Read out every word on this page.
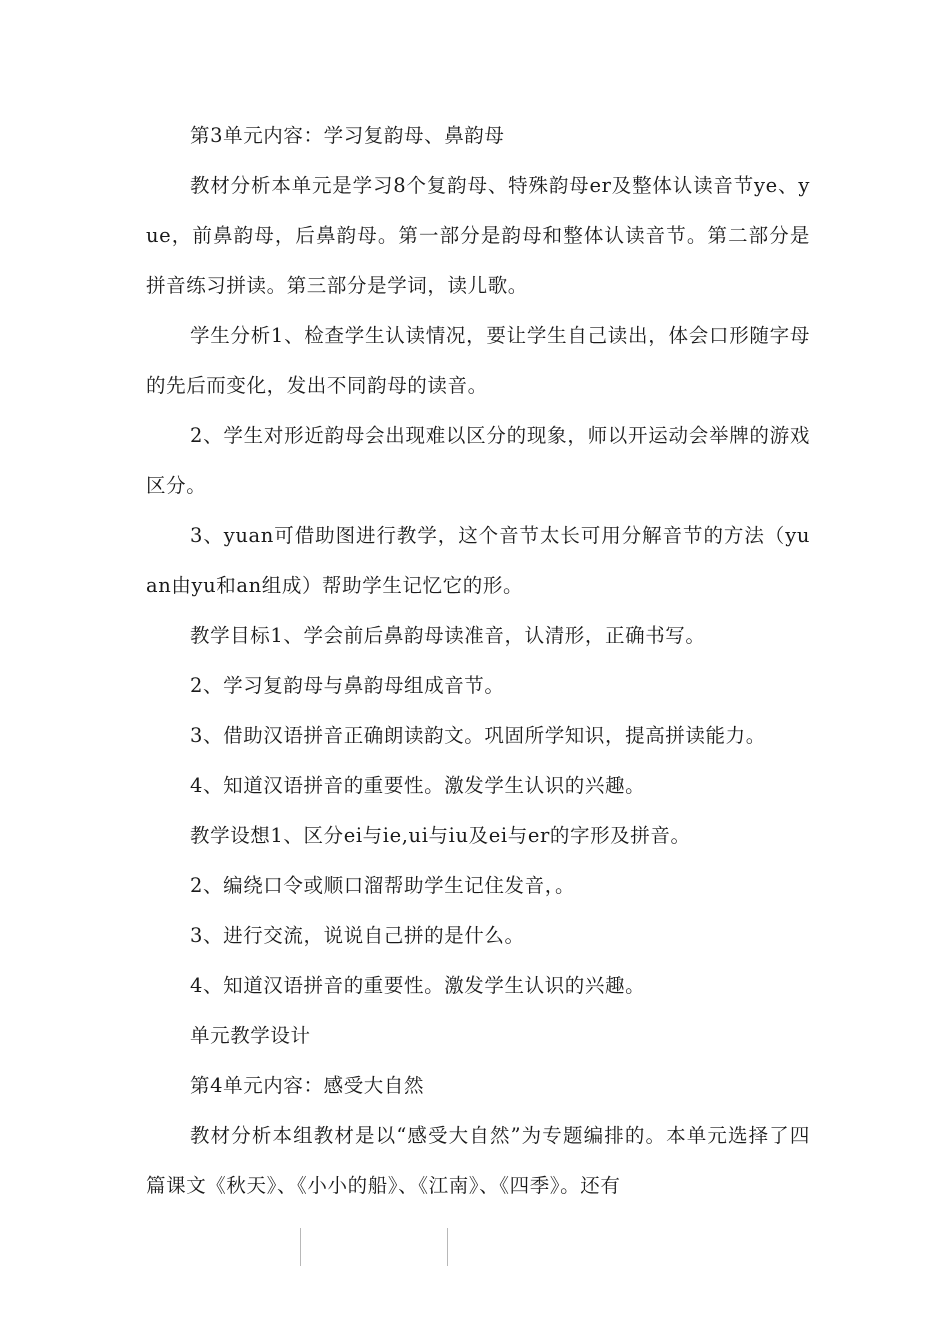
第3单元内容：学习复韵母、鼻韵母

教材分析本单元是学习8个复韵母、特殊韵母er及整体认读音节ye、yue，前鼻韵母，后鼻韵母。第一部分是韵母和整体认读音节。第二部分是拼音练习拼读。第三部分是学词，读儿歌。

学生分析1、检查学生认读情况，要让学生自己读出，体会口形随字母的先后而变化，发出不同韵母的读音。

2、学生对形近韵母会出现难以区分的现象，师以开运动会举牌的游戏区分。

3、yuan可借助图进行教学，这个音节太长可用分解音节的方法（yuan由yu和an组成）帮助学生记忆它的形。

教学目标1、学会前后鼻韵母读准音，认清形，正确书写。

2、学习复韵母与鼻韵母组成音节。

3、借助汉语拼音正确朗读韵文。巩固所学知识，提高拼读能力。

4、知道汉语拼音的重要性。激发学生认识的兴趣。

教学设想1、区分ei与ie,ui与iu及ei与er的字形及拼音。

2、编绕口令或顺口溜帮助学生记住发音，。

3、进行交流，说说自己拼的是什么。

4、知道汉语拼音的重要性。激发学生认识的兴趣。

单元教学设计

第4单元内容：感受大自然

教材分析本组教材是以“感受大自然”为专题编排的。本单元选择了四篇课文《秋天》、《小小的船》、《江南》、《四季》。还有
